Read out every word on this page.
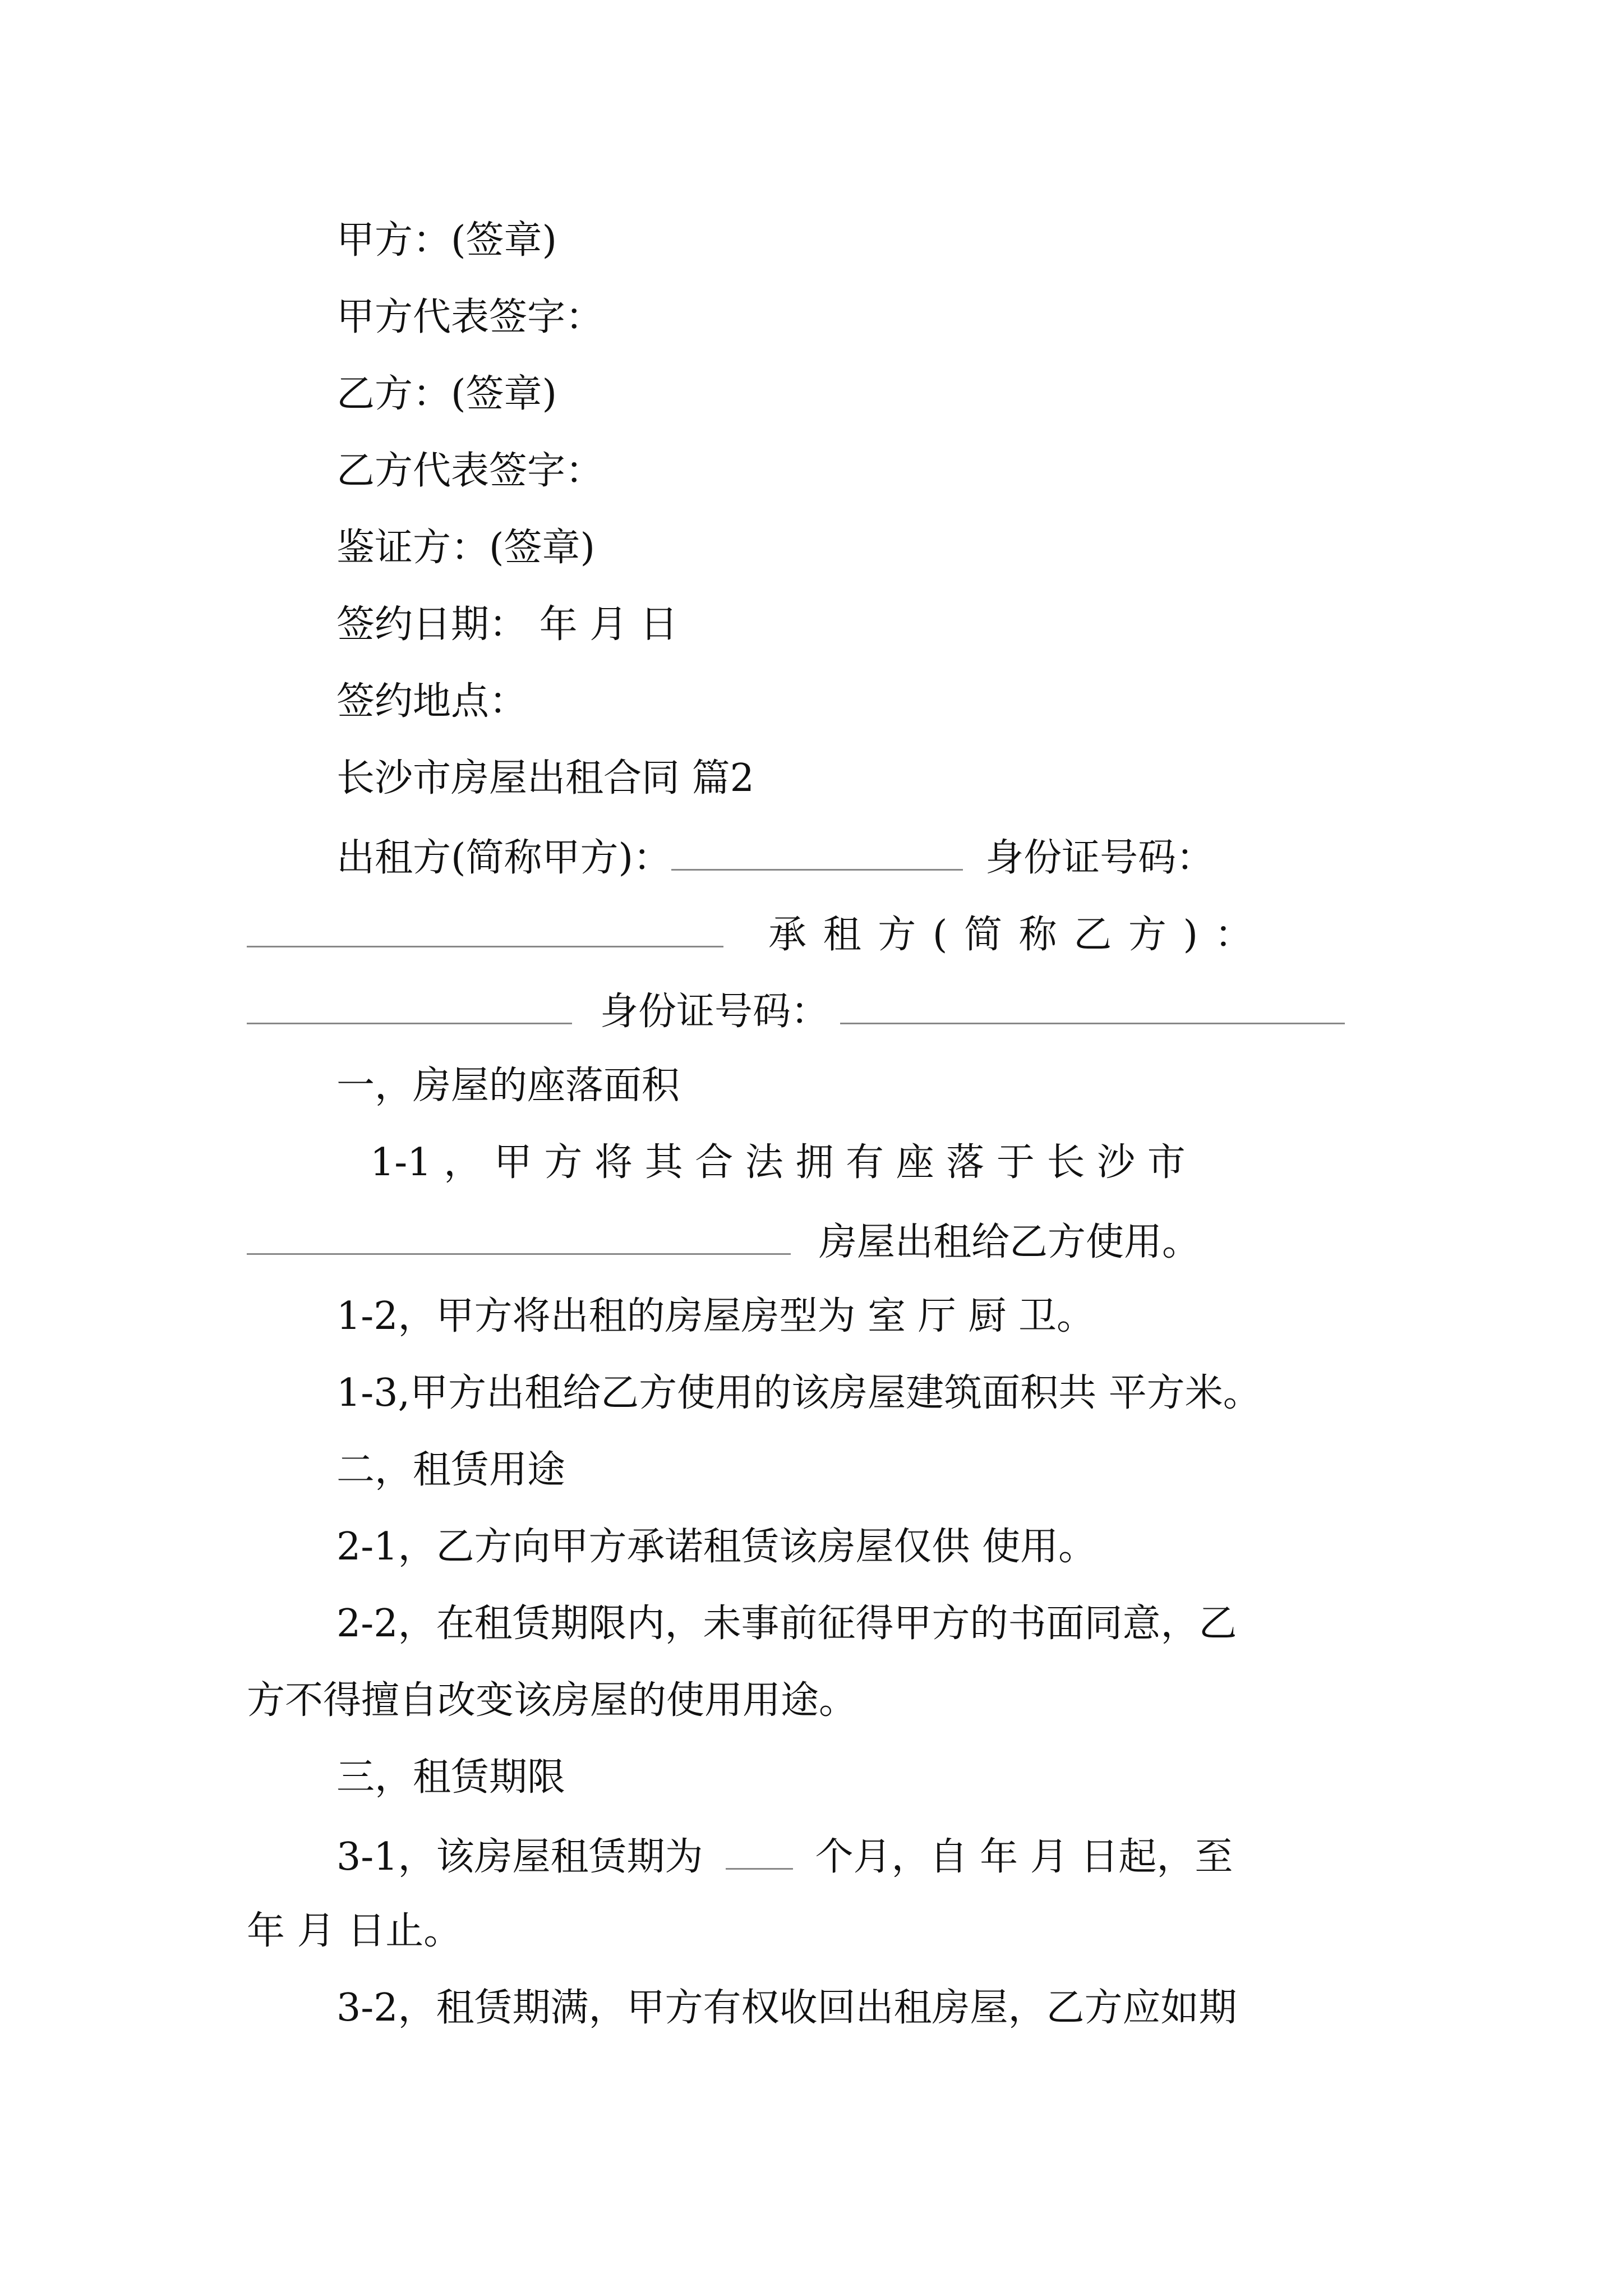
甲方：(签章)
甲方代表签字：
乙方：(签章)
乙方代表签字：
鉴证方：(签章)
签约日期： 年 月 日
签约地点：
长沙市房屋出租合同 篇2
出租方(简称甲方)：	身份证号码：
承 租 方 ( 简 称 乙 方 ) ：
身份证号码：
一，房屋的座落面积
1-1 ， 甲 方 将 其 合 法 拥 有 座 落 于 长 沙 市
房屋出租给乙方使用。
1-2，甲方将出租的房屋房型为 室 厅 厨 卫。
1-3,甲方出租给乙方使用的该房屋建筑面积共 平方米。
二，租赁用途
2-1，乙方向甲方承诺租赁该房屋仅供 使用。
2-2，在租赁期限内，未事前征得甲方的书面同意，乙
方不得擅自改变该房屋的使用用途。
三，租赁期限
3-1，该房屋租赁期为	个月，自 年 月 日起，至
年 月 日止。
3-2，租赁期满，甲方有权收回出租房屋，乙方应如期
